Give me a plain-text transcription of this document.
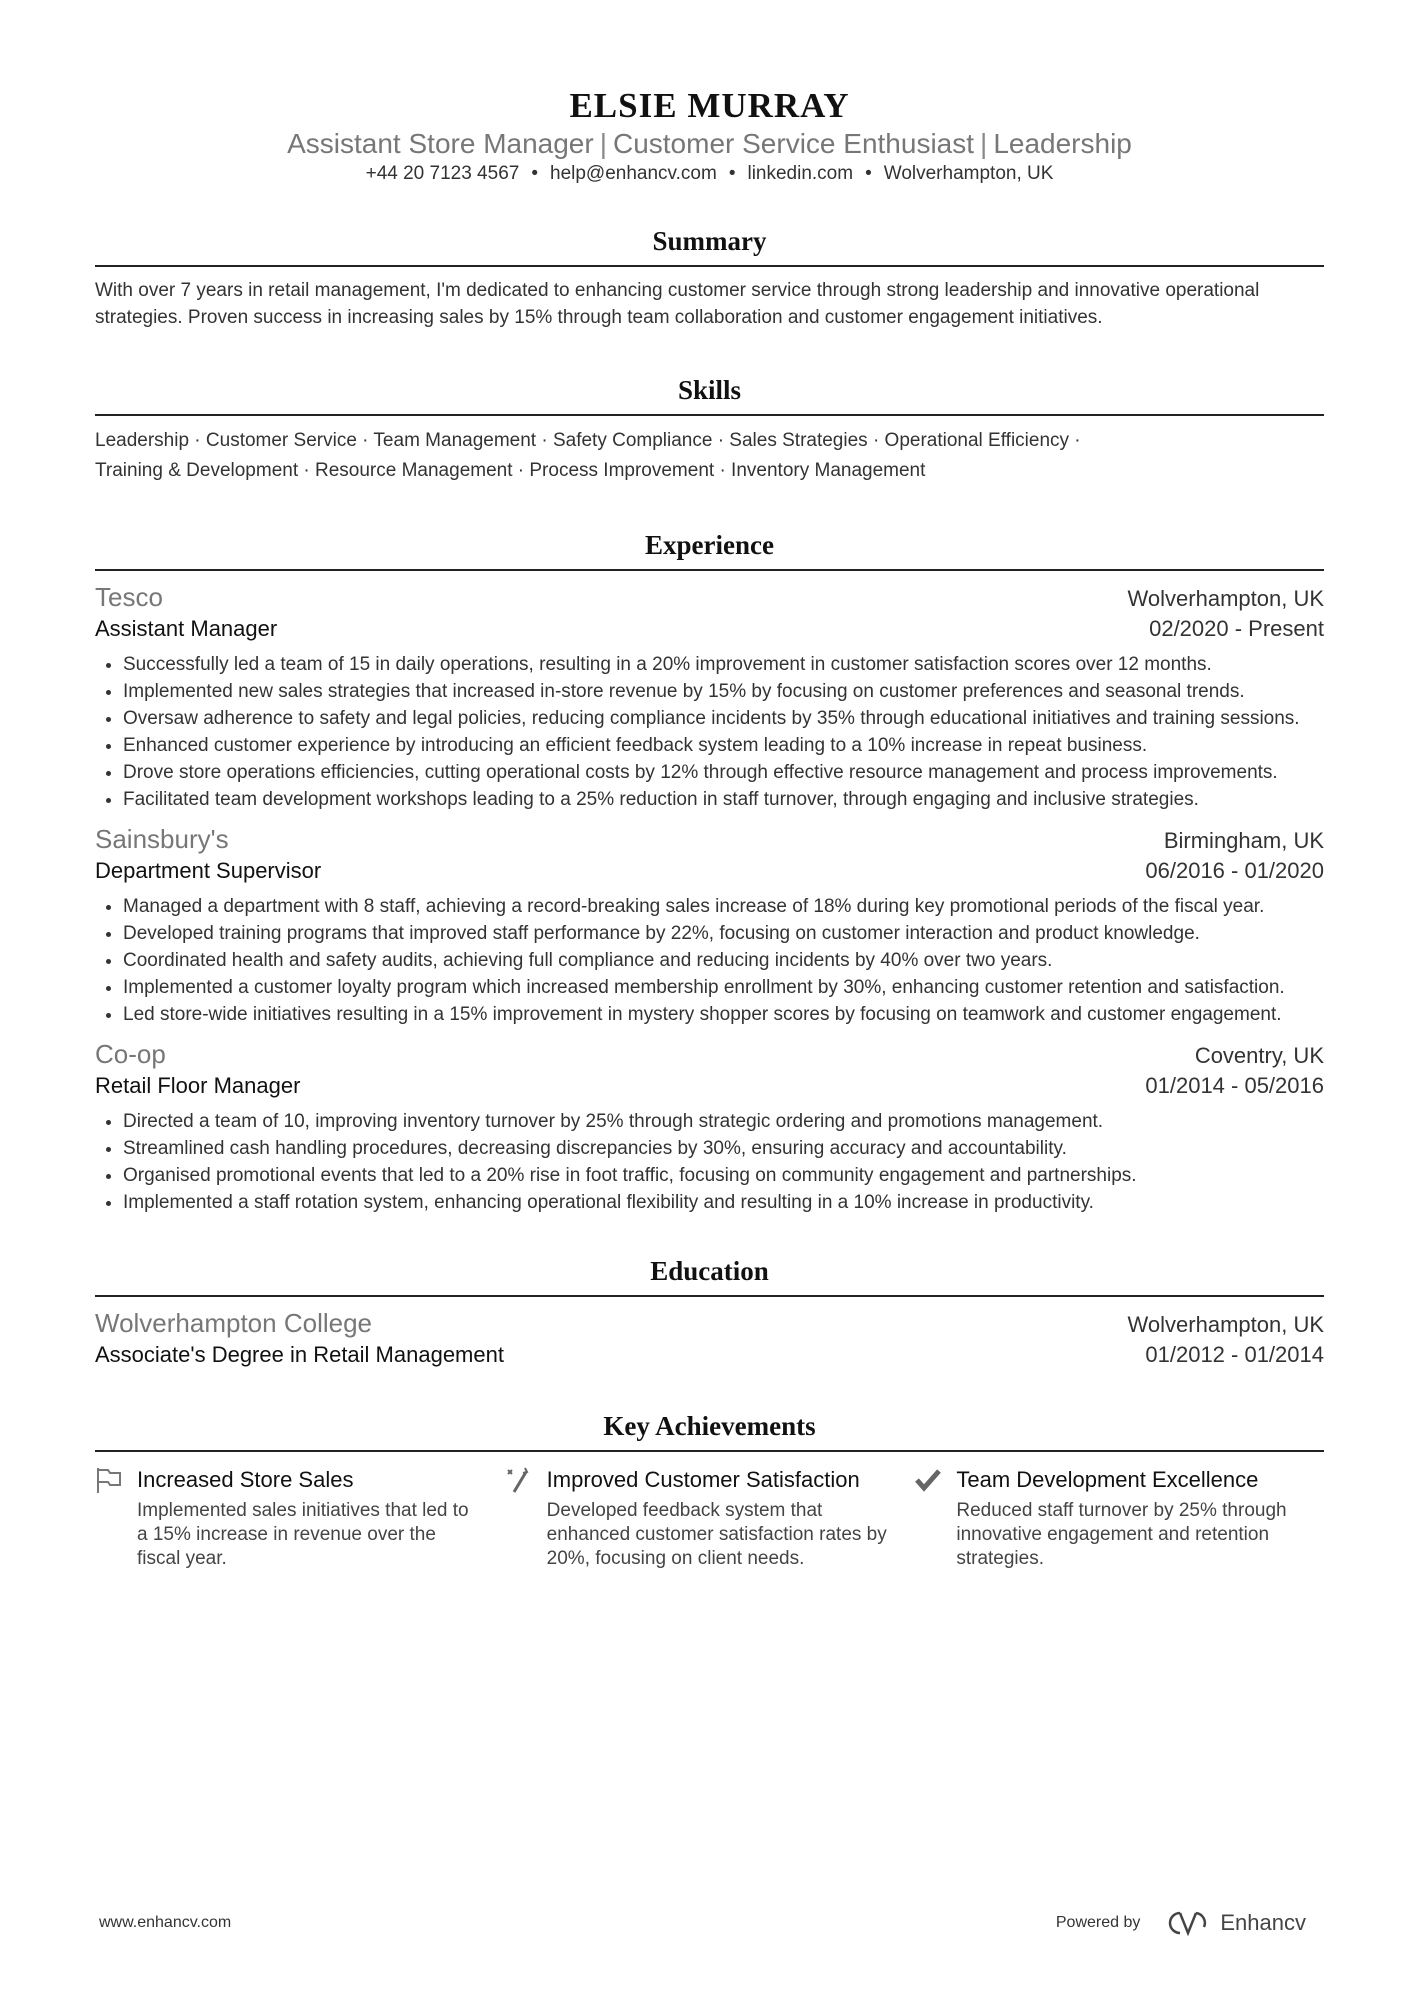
ELSIE MURRAY
Assistant Store Manager | Customer Service Enthusiast | Leadership
+44 20 7123 4567 • help@enhancv.com • linkedin.com • Wolverhampton, UK
Summary
With over 7 years in retail management, I'm dedicated to enhancing customer service through strong leadership and innovative operational strategies. Proven success in increasing sales by 15% through team collaboration and customer engagement initiatives.
Skills
Leadership · Customer Service · Team Management · Safety Compliance · Sales Strategies · Operational Efficiency ·
Training & Development · Resource Management · Process Improvement · Inventory Management
Experience
Tesco	Wolverhampton, UK
Assistant Manager	02/2020 - Present
• Successfully led a team of 15 in daily operations, resulting in a 20% improvement in customer satisfaction scores over 12 months.
• Implemented new sales strategies that increased in-store revenue by 15% by focusing on customer preferences and seasonal trends.
• Oversaw adherence to safety and legal policies, reducing compliance incidents by 35% through educational initiatives and training sessions.
• Enhanced customer experience by introducing an efficient feedback system leading to a 10% increase in repeat business.
• Drove store operations efficiencies, cutting operational costs by 12% through effective resource management and process improvements.
• Facilitated team development workshops leading to a 25% reduction in staff turnover, through engaging and inclusive strategies.
Sainsbury's	Birmingham, UK
Department Supervisor	06/2016 - 01/2020
• Managed a department with 8 staff, achieving a record-breaking sales increase of 18% during key promotional periods of the fiscal year.
• Developed training programs that improved staff performance by 22%, focusing on customer interaction and product knowledge.
• Coordinated health and safety audits, achieving full compliance and reducing incidents by 40% over two years.
• Implemented a customer loyalty program which increased membership enrollment by 30%, enhancing customer retention and satisfaction.
• Led store-wide initiatives resulting in a 15% improvement in mystery shopper scores by focusing on teamwork and customer engagement.
Co-op	Coventry, UK
Retail Floor Manager	01/2014 - 05/2016
• Directed a team of 10, improving inventory turnover by 25% through strategic ordering and promotions management.
• Streamlined cash handling procedures, decreasing discrepancies by 30%, ensuring accuracy and accountability.
• Organised promotional events that led to a 20% rise in foot traffic, focusing on community engagement and partnerships.
• Implemented a staff rotation system, enhancing operational flexibility and resulting in a 10% increase in productivity.
Education
Wolverhampton College	Wolverhampton, UK
Associate's Degree in Retail Management	01/2012 - 01/2014
Key Achievements
Increased Store Sales
Implemented sales initiatives that led to a 15% increase in revenue over the fiscal year.
Improved Customer Satisfaction
Developed feedback system that enhanced customer satisfaction rates by 20%, focusing on client needs.
Team Development Excellence
Reduced staff turnover by 25% through innovative engagement and retention strategies.
www.enhancv.com	Powered by	Enhancv
